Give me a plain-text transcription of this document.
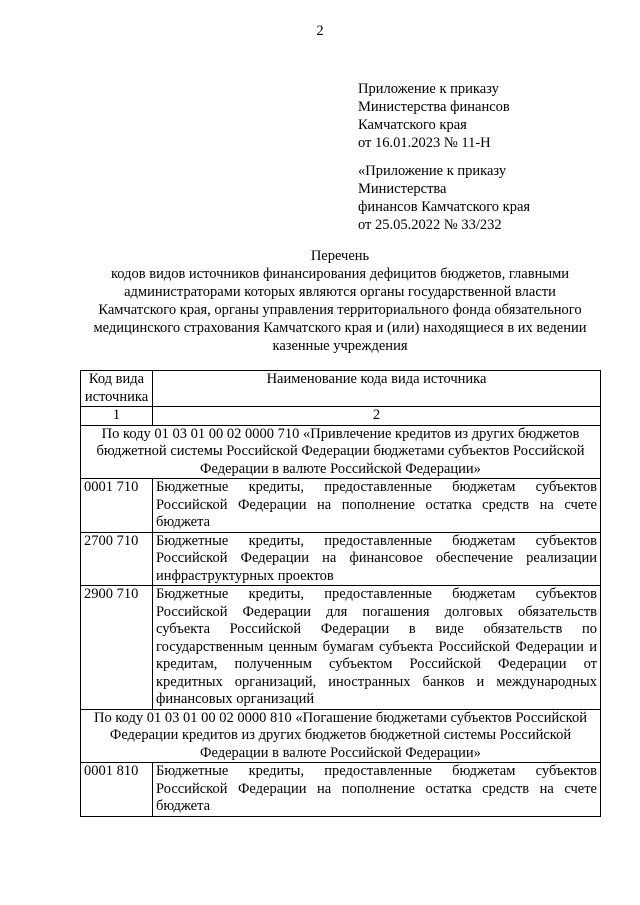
2
Приложение к приказу
Министерства финансов
Камчатского края
от 16.01.2023 № 11-Н
«Приложение к приказу
Министерства
финансов Камчатского края
от 25.05.2022 № 33/232
Перечень
кодов видов источников финансирования дефицитов бюджетов, главными
администраторами которых являются органы государственной власти
Камчатского края, органы управления территориального фонда обязательного
медицинского страхования Камчатского края и (или) находящиеся в их ведении
казенные учреждения
Код вида источника	Наименование кода вида источника
1	2
По коду 01 03 01 00 02 0000 710 «Привлечение кредитов из других бюджетов бюджетной системы Российской Федерации бюджетами субъектов Российской Федерации в валюте Российской Федерации»	
0001 710	Бюджетные кредиты, предоставленные бюджетам субъектов Российской Федерации на пополнение остатка средств на счете бюджета
2700 710	Бюджетные кредиты, предоставленные бюджетам субъектов Российской Федерации на финансовое обеспечение реализации инфраструктурных проектов
2900 710	Бюджетные кредиты, предоставленные бюджетам субъектов Российской Федерации для погашения долговых обязательств субъекта Российской Федерации в виде обязательств по государственным ценным бумагам субъекта Российской Федерации и кредитам, полученным субъектом Российской Федерации от кредитных организаций, иностранных банков и международных финансовых организаций
По коду 01 03 01 00 02 0000 810 «Погашение бюджетами субъектов Российской Федерации кредитов из других бюджетов бюджетной системы Российской Федерации в валюте Российской Федерации»	
0001 810	Бюджетные кредиты, предоставленные бюджетам субъектов Российской Федерации на пополнение остатка средств на счете бюджета
